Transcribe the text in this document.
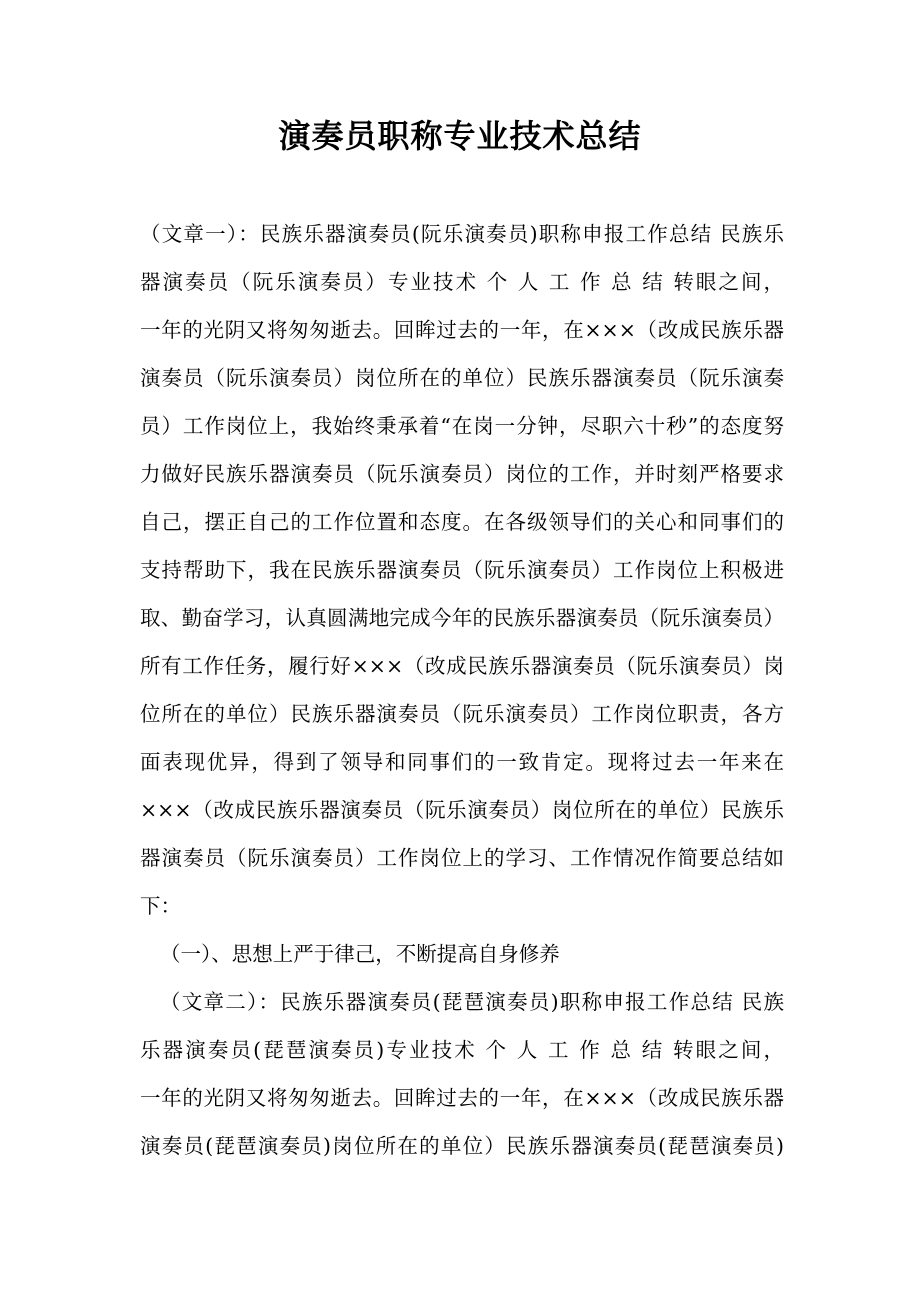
演奏员职称专业技术总结
（文章一）：民族乐器演奏员(阮乐演奏员)职称申报工作总结 民族乐
器演奏员（阮乐演奏员）专业技术 个 人 工 作 总 结 转眼之间，
一年的光阴又将匆匆逝去。回眸过去的一年，在×××（改成民族乐器
演奏员（阮乐演奏员）岗位所在的单位）民族乐器演奏员（阮乐演奏
员）工作岗位上，我始终秉承着“在岗一分钟，尽职六十秒”的态度努
力做好民族乐器演奏员（阮乐演奏员）岗位的工作，并时刻严格要求
自己，摆正自己的工作位置和态度。在各级领导们的关心和同事们的
支持帮助下，我在民族乐器演奏员（阮乐演奏员）工作岗位上积极进
取、勤奋学习，认真圆满地完成今年的民族乐器演奏员（阮乐演奏员）
所有工作任务，履行好×××（改成民族乐器演奏员（阮乐演奏员）岗
位所在的单位）民族乐器演奏员（阮乐演奏员）工作岗位职责，各方
面表现优异，得到了领导和同事们的一致肯定。现将过去一年来在
×××（改成民族乐器演奏员（阮乐演奏员）岗位所在的单位）民族乐
器演奏员（阮乐演奏员）工作岗位上的学习、工作情况作简要总结如
下：
（一）、思想上严于律己，不断提高自身修养
（文章二）：民族乐器演奏员(琵琶演奏员)职称申报工作总结 民族
乐器演奏员(琵琶演奏员)专业技术 个 人 工 作 总 结 转眼之间，
一年的光阴又将匆匆逝去。回眸过去的一年，在×××（改成民族乐器
演奏员(琵琶演奏员)岗位所在的单位）民族乐器演奏员(琵琶演奏员)
